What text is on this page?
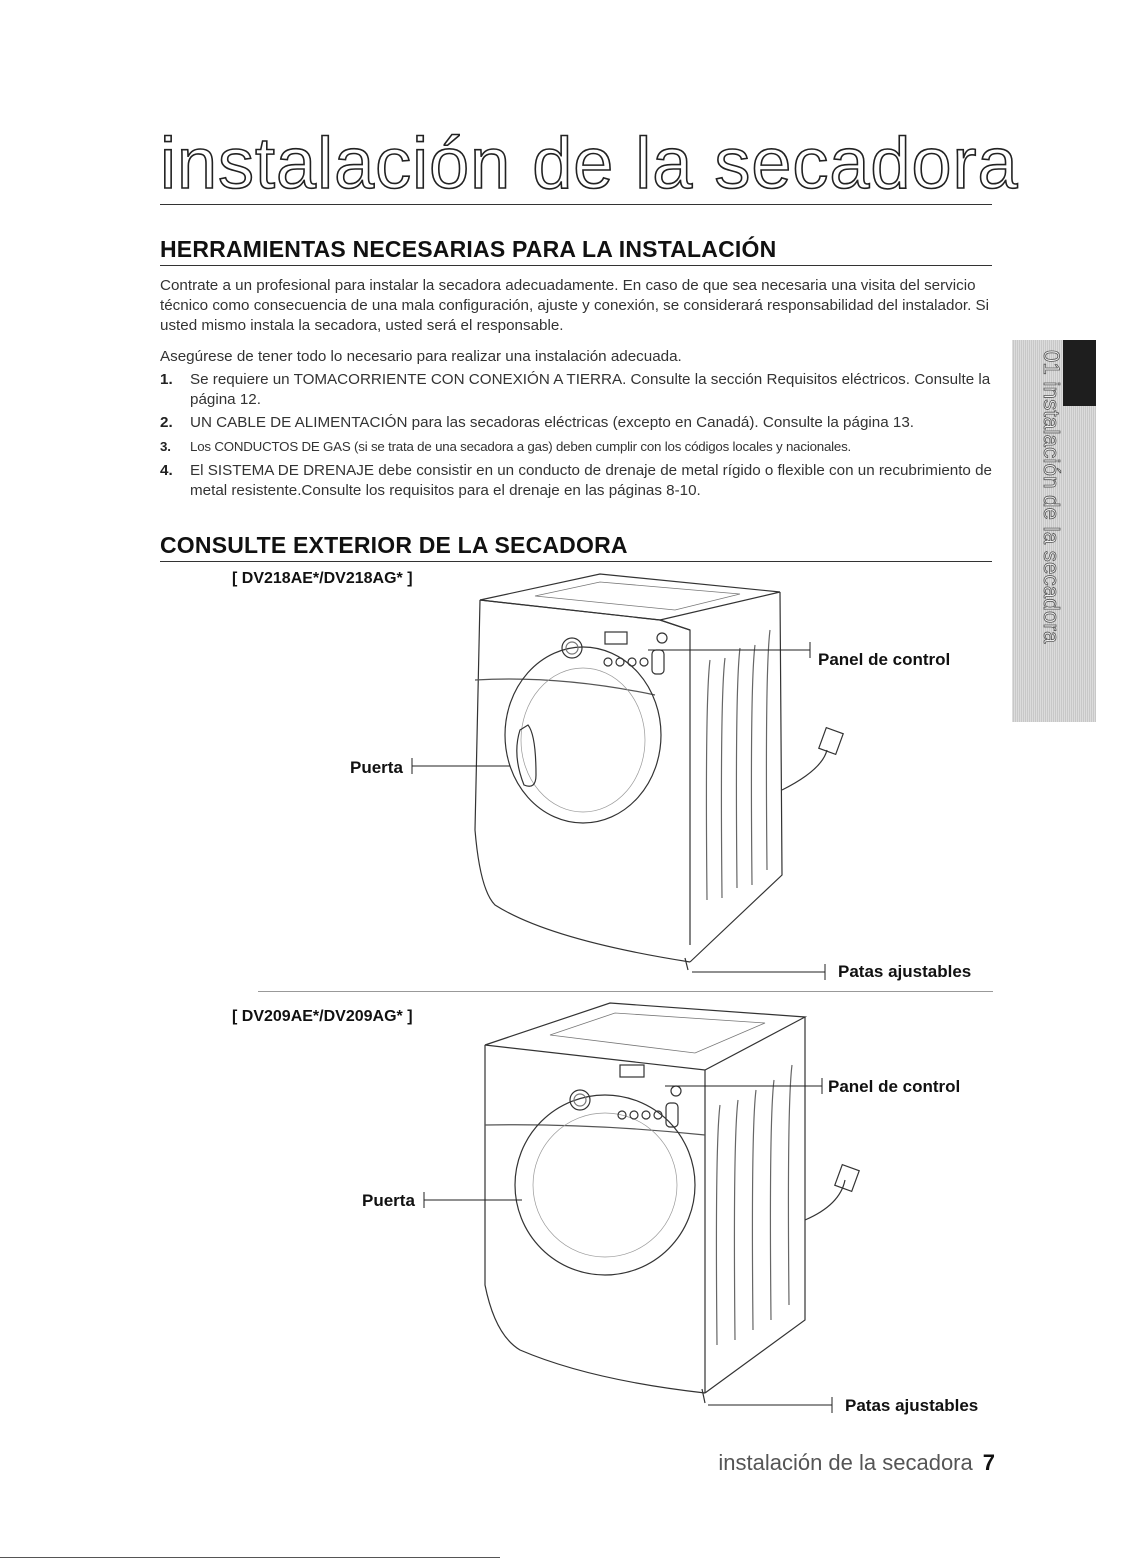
instalación de la secadora
HERRAMIENTAS NECESARIAS PARA LA INSTALACIÓN
Contrate a un profesional para instalar la secadora adecuadamente. En caso de que sea necesaria una visita del servicio técnico como consecuencia de una mala configuración, ajuste y conexión, se considerará responsabilidad del instalador. Si usted mismo instala la secadora, usted será el responsable.
Asegúrese de tener todo lo necesario para realizar una instalación adecuada.
1. Se requiere un TOMACORRIENTE CON CONEXIÓN A TIERRA. Consulte la sección Requisitos eléctricos. Consulte la página 12.
2. UN CABLE DE ALIMENTACIÓN para las secadoras eléctricas (excepto en Canadá). Consulte la página 13.
3. Los CONDUCTOS DE GAS (si se trata de una secadora a gas) deben cumplir con los códigos locales y nacionales.
4. El SISTEMA DE DRENAJE debe consistir en un conducto de drenaje de metal rígido o flexible con un recubrimiento de metal resistente.Consulte los requisitos para el drenaje en las páginas 8-10.
CONSULTE EXTERIOR DE LA SECADORA
[ DV218AE*/DV218AG* ]
Panel de control
Puerta
Patas ajustables
[ DV209AE*/DV209AG* ]
Panel de control
Puerta
Patas ajustables
01 instalación de la secadora
instalación de la secadora 7
